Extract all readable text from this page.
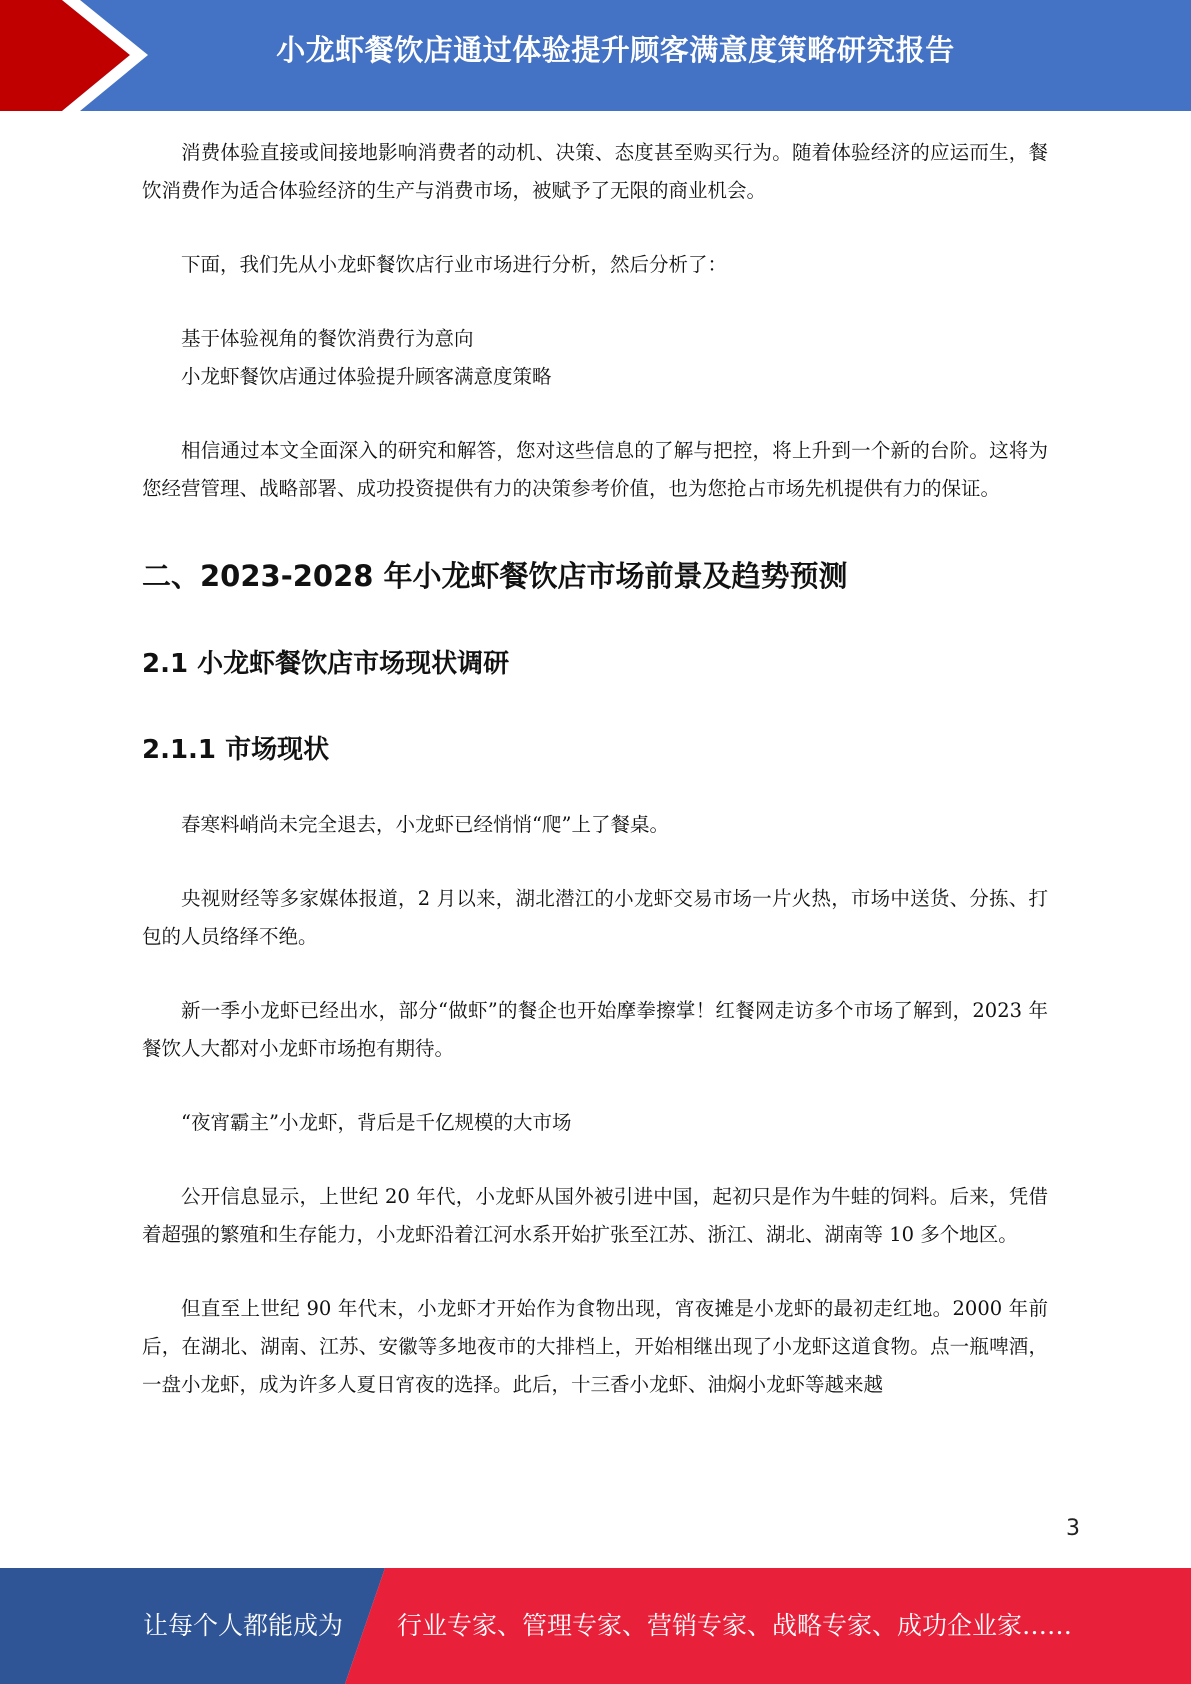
小龙虾餐饮店通过体验提升顾客满意度策略研究报告

消费体验直接或间接地影响消费者的动机、决策、态度甚至购买行为。随着体验经济的应运而生，餐饮消费作为适合体验经济的生产与消费市场，被赋予了无限的商业机会。

下面，我们先从小龙虾餐饮店行业市场进行分析，然后分析了：

基于体验视角的餐饮消费行为意向

小龙虾餐饮店通过体验提升顾客满意度策略

相信通过本文全面深入的研究和解答，您对这些信息的了解与把控，将上升到一个新的台阶。这将为您经营管理、战略部署、成功投资提供有力的决策参考价值，也为您抢占市场先机提供有力的保证。

二、2023-2028 年小龙虾餐饮店市场前景及趋势预测
2.1 小龙虾餐饮店市场现状调研
2.1.1 市场现状

春寒料峭尚未完全退去，小龙虾已经悄悄“爬”上了餐桌。

央视财经等多家媒体报道，2 月以来，湖北潜江的小龙虾交易市场一片火热，市场中送货、分拣、打包的人员络绎不绝。

新一季小龙虾已经出水，部分“做虾”的餐企也开始摩拳擦掌！红餐网走访多个市场了解到，2023 年餐饮人大都对小龙虾市场抱有期待。

“夜宵霸主”小龙虾，背后是千亿规模的大市场

公开信息显示，上世纪 20 年代，小龙虾从国外被引进中国，起初只是作为牛蛙的饲料。后来，凭借着超强的繁殖和生存能力，小龙虾沿着江河水系开始扩张至江苏、浙江、湖北、湖南等 10 多个地区。

但直至上世纪 90 年代末，小龙虾才开始作为食物出现，宵夜摊是小龙虾的最初走红地。2000 年前后，在湖北、湖南、江苏、安徽等多地夜市的大排档上，开始相继出现了小龙虾这道食物。点一瓶啤酒，一盘小龙虾，成为许多人夏日宵夜的选择。此后，十三香小龙虾、油焖小龙虾等越来越

3
让每个人都能成为 行业专家、管理专家、营销专家、战略专家、成功企业家……
